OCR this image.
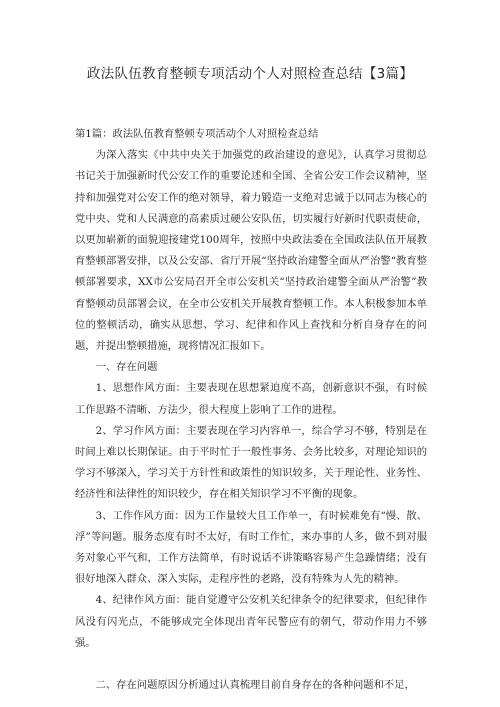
政法队伍教育整顿专项活动个人对照检查总结【3篇】

第1篇：政法队伍教育整顿专项活动个人对照检查总结

为深入落实《中共中央关于加强党的政治建设的意见》，认真学习贯彻总书记关于加强新时代公安工作的重要论述和全国、全省公安工作会议精神，坚持和加强党对公安工作的绝对领导，着力锻造一支绝对忠诚于以同志为核心的党中央、党和人民满意的高素质过硬公安队伍，切实履行好新时代职责使命，以更加崭新的面貌迎接建党100周年，按照中央政法委在全国政法队伍开展教育整顿部署安排，以及公安部、省厅开展“坚持政治建警全面从严治警“教育整顿部署要求，XX市公安局召开全市公安机关“坚持政治建警全面从严治警”教育整顿动员部署会议，在全市公安机关开展教育整顿工作。本人积极参加本单位的整顿活动，确实从思想、学习、纪律和作风上查找和分析自身存在的问题，并提出整顿措施，现将情况汇报如下。

一、存在问题

1、思想作风方面：主要表现在思想紧迫度不高，创新意识不强，有时候工作思路不清晰、方法少，很大程度上影响了工作的进程。

2、学习作风方面：主要表现在学习内容单一，综合学习不够，特别是在时间上难以长期保证。由于平时忙于一般性事务、会务比较多，对理论知识的学习不够深入，学习关于方针性和政策性的知识较多，关于理论性、业务性、经济性和法律性的知识较少，存在相关知识学习不平衡的现象。

3、工作作风方面：因为工作量较大且工作单一，有时候难免有“慢、散、浮”等问题。服务态度有时不太好，有时工作忙，来办事的人多，做不到对服务对象心平气和，工作方法简单，有时说话不讲策略容易产生急躁情绪；没有很好地深入群众、深入实际，走程序性的老路，没有特殊为人先的精神。

4、纪律作风方面：能自觉遵守公安机关纪律条令的纪律要求，但纪律作风没有闪光点，不能够成完全体现出青年民警应有的朝气，带动作用力不够强。

二、存在问题原因分析通过认真梳理目前自身存在的各种问题和不足，
